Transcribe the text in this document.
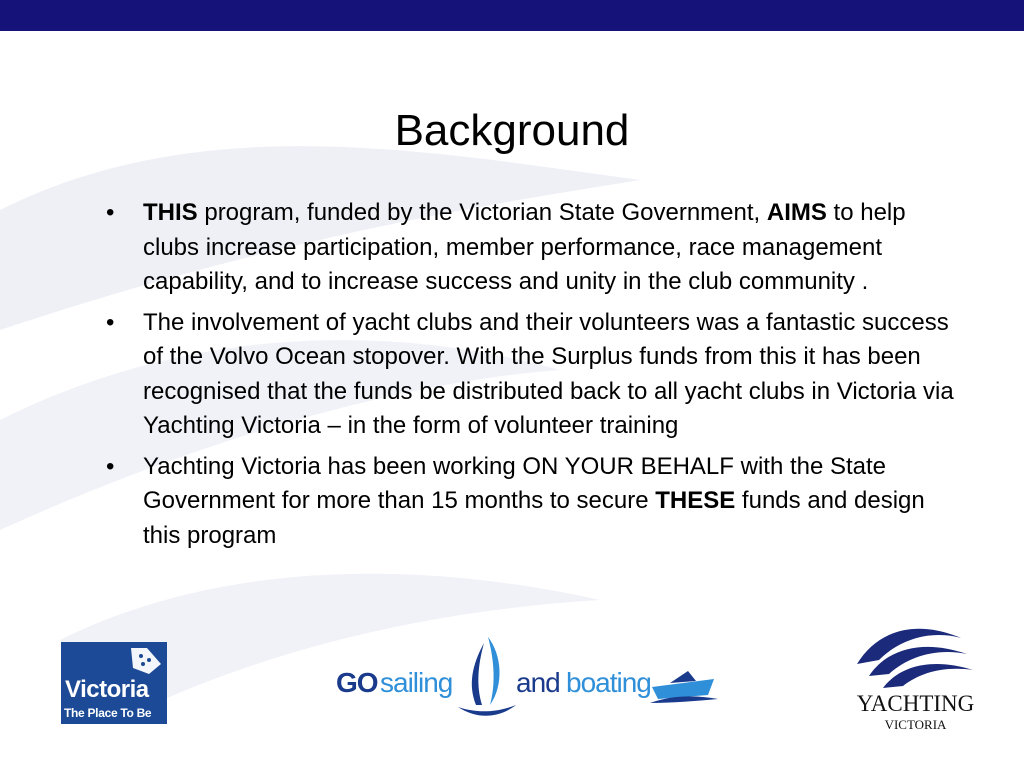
Background
• THIS program, funded by the Victorian State Government, AIMS to help clubs increase participation, member performance, race management capability, and to increase success and unity in the club community .
• The involvement of yacht clubs and their volunteers was a fantastic success of the Volvo Ocean stopover. With the Surplus funds from this it has been recognised that the funds be distributed back to all yacht clubs in Victoria via Yachting Victoria – in the form of volunteer training
• Yachting Victoria has been working ON YOUR BEHALF with the State Government for more than 15 months to secure THESE funds and design this program
Victoria
The Place To Be
GO sailing and boating
YACHTING
VICTORIA
